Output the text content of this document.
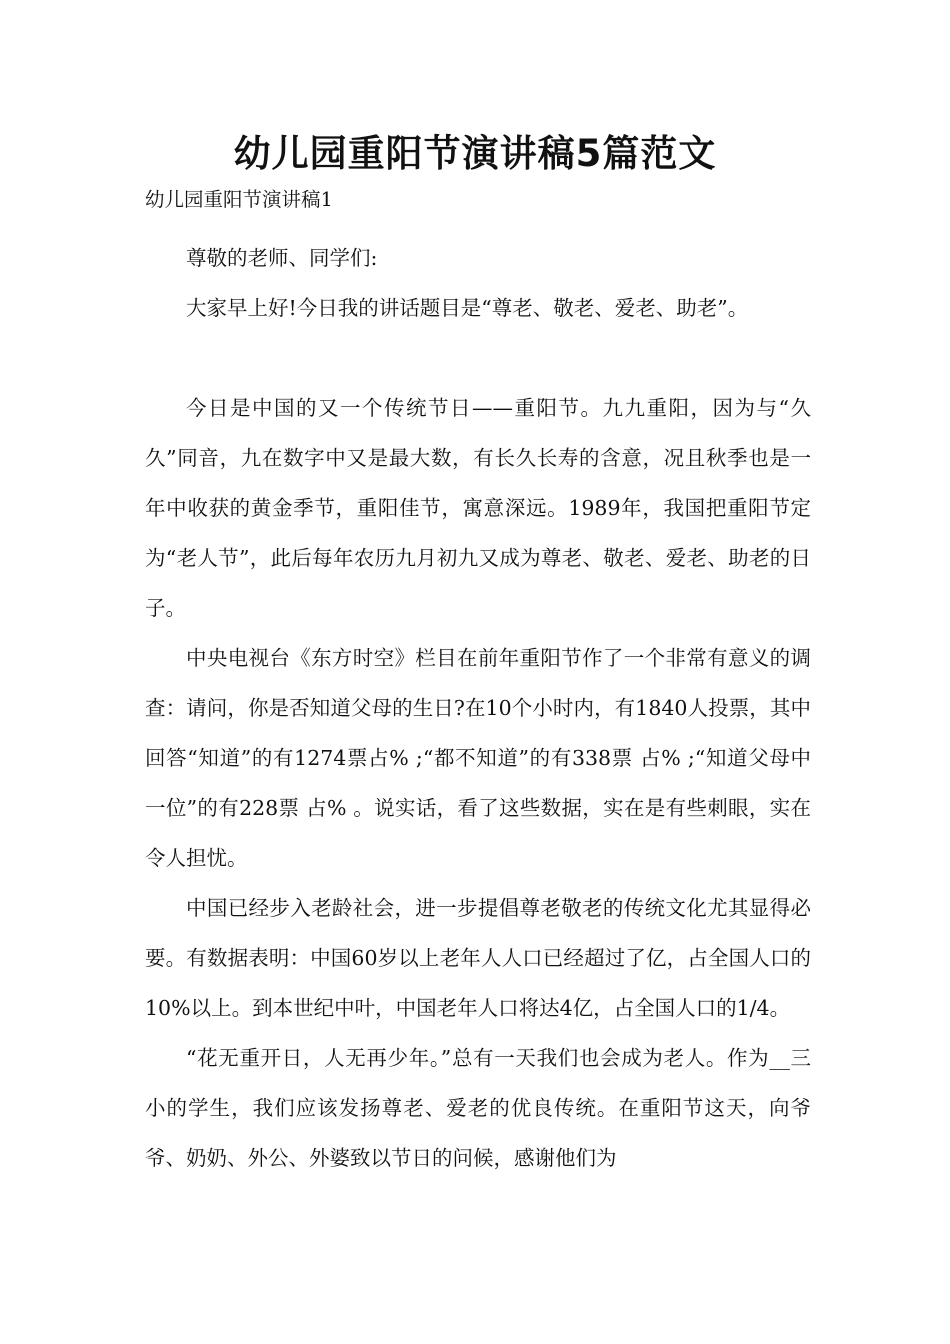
幼儿园重阳节演讲稿5篇范文

幼儿园重阳节演讲稿1

尊敬的老师、同学们:

大家早上好!今日我的讲话题目是“尊老、敬老、爱老、助老”。

今日是中国的又一个传统节日——重阳节。九九重阳，因为与“久久”同音，九在数字中又是最大数，有长久长寿的含意，况且秋季也是一年中收获的黄金季节，重阳佳节，寓意深远。1989年，我国把重阳节定为“老人节”，此后每年农历九月初九又成为尊老、敬老、爱老、助老的日子。

中央电视台《东方时空》栏目在前年重阳节作了一个非常有意义的调查：请问，你是否知道父母的生日?在10个小时内，有1840人投票，其中回答“知道”的有1274票占% ;“都不知道”的有338票 占% ;“知道父母中一位”的有228票 占% 。说实话，看了这些数据，实在是有些刺眼，实在令人担忧。

中国已经步入老龄社会，进一步提倡尊老敬老的传统文化尤其显得必要。有数据表明：中国60岁以上老年人人口已经超过了亿，占全国人口的10%以上。到本世纪中叶，中国老年人口将达4亿，占全国人口的1/4。

“花无重开日，人无再少年。”总有一天我们也会成为老人。作为__三小的学生，我们应该发扬尊老、爱老的优良传统。在重阳节这天，向爷爷、奶奶、外公、外婆致以节日的问候，感谢他们为
